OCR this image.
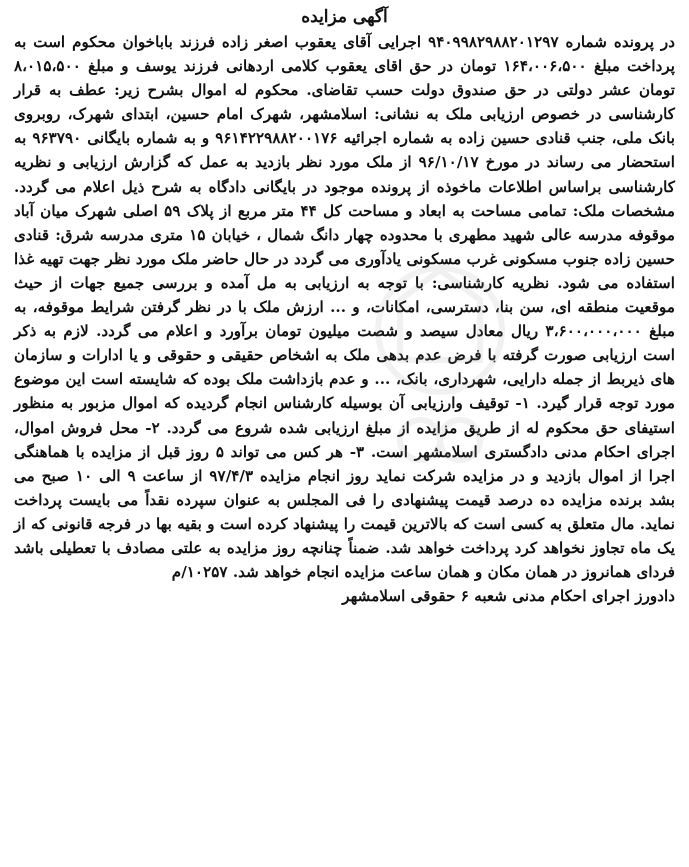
آگهی مزایده

در پرونده شماره ۹۴۰۹۹۸۲۹۸۸۲۰۱۲۹۷ اجرایی آقای یعقوب اصغر زاده فرزند باباخوان محکوم است به پرداخت مبلغ ۱۶۴،۰۰۶،۵۰۰ تومان در حق اقای یعقوب کلامی اردهانی فرزند یوسف و مبلغ ۸،۰۱۵،۵۰۰ تومان عشر دولتی در حق صندوق دولت حسب تقاضای. محکوم له اموال بشرح زیر: عطف به قرار کارشناسی در خصوص ارزیابی ملک به نشانی: اسلامشهر، شهرک امام حسین، ابتدای شهرک، روبروی بانک ملی، جنب قنادی حسین زاده به شماره اجرائیه ۹۶۱۴۲۲۹۸۸۲۰۰۱۷۶ و به شماره بایگانی ۹۶۳۷۹۰ به استحضار می رساند در مورخ ۹۶/۱۰/۱۷ از ملک مورد نظر بازدید به عمل که گزارش ارزیابی و نظریه کارشناسی براساس اطلاعات ماخوذه از پرونده موجود در بایگانی دادگاه به شرح ذیل اعلام می گردد. مشخصات ملک: تمامی مساحت به ابعاد و مساحت کل ۴۴ متر مربع از پلاک ۵۹ اصلی شهرک میان آباد موقوفه مدرسه عالی شهید مطهری با محدوده چهار دانگ شمال ، خیابان ۱۵ متری مدرسه شرق: قنادی حسین زاده جنوب مسکونی غرب مسکونی یادآوری می گردد در حال حاضر ملک مورد نظر جهت تهیه غذا استفاده می شود. نظریه کارشناسی: با توجه به ارزیابی به مل آمده و بررسی جمیع جهات از حیث موقعیت منطقه ای، سن بنا، دسترسی، امکانات، و ... ارزش ملک با در نظر گرفتن شرایط موقوفه، به مبلغ ۳،۶۰۰،۰۰۰،۰۰۰ ریال معادل سیصد و شصت میلیون تومان برآورد و اعلام می گردد. لازم به ذکر است ارزیابی صورت گرفته با فرض عدم بدهی ملک به اشخاص حقیقی و حقوقی و یا ادارات و سازمان های ذیربط از جمله دارایی، شهرداری، بانک، ... و عدم بازداشت ملک بوده که شایسته است این موضوع مورد توجه قرار گیرد. ۱- توقیف وارزیابی آن بوسیله کارشناس انجام گردیده که اموال مزبور به منظور استیفای حق محکوم له از طریق مزایده از مبلغ ارزیابی شده شروع می گردد. ۲- محل فروش اموال، اجرای احکام مدنی دادگستری اسلامشهر است. ۳- هر کس می تواند ۵ روز قبل از مزایده با هماهنگی اجرا از اموال بازدید و در مزایده شرکت نماید روز انجام مزایده ۹۷/۴/۳ از ساعت ۹ الی ۱۰ صبح می بشد برنده مزایده ده درصد قیمت پیشنهادی را فی المجلس به عنوان سپرده نقداً می بایست پرداخت نماید. مال متعلق به کسی است که بالاترین قیمت را پیشنهاد کرده است و بقیه بها در فرجه قانونی که از یک ماه تجاوز نخواهد کرد پرداخت خواهد شد. ضمناً چنانچه روز مزایده به علتی مصادف با تعطیلی باشد فردای همانروز در همان مکان و همان ساعت مزایده انجام خواهد شد. ۱۰۲۵۷/م

دادورز اجرای احکام مدنی شعبه ۶ حقوقی اسلامشهر
